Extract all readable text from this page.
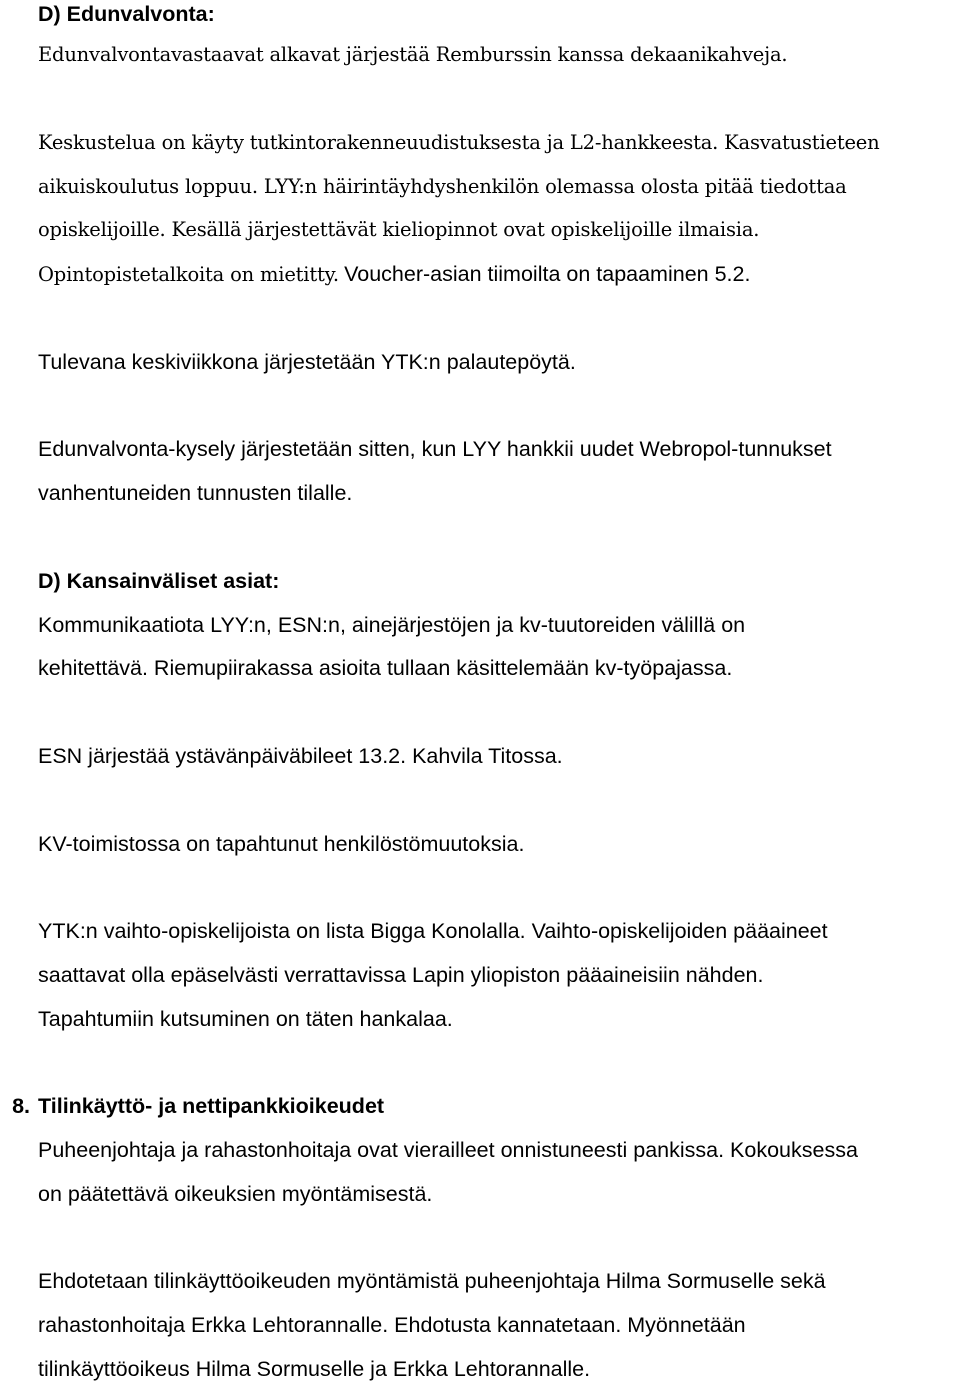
D) Edunvalvonta:
Edunvalvontavastaavat alkavat järjestää Remburssin kanssa dekaanikahveja.
Keskustelua on käyty tutkintorakenneuudistuksesta ja L2-hankkeesta. Kasvatustieteen
aikuiskoulutus loppuu. LYY:n häirintäyhdyshenkilön olemassa olosta pitää tiedottaa
opiskelijoille. Kesällä järjestettävät kieliopinnot ovat opiskelijoille ilmaisia.
Opintopistetalkoita on mietitty. Voucher-asian tiimoilta on tapaaminen 5.2.
Tulevana keskiviikkona järjestetään YTK:n palautepöytä.
Edunvalvonta-kysely järjestetään sitten, kun LYY hankkii uudet Webropol-tunnukset
vanhentuneiden tunnusten tilalle.
D) Kansainväliset asiat:
Kommunikaatiota LYY:n, ESN:n, ainejärjestöjen ja kv-tuutoreiden välillä on
kehitettävä. Riemupiirakassa asioita tullaan käsittelemään kv-työpajassa.
ESN järjestää ystävänpäiväbileet 13.2. Kahvila Titossa.
KV-toimistossa on tapahtunut henkilöstömuutoksia.
YTK:n vaihto-opiskelijoista on lista Bigga Konolalla. Vaihto-opiskelijoiden pääaineet
saattavat olla epäselvästi verrattavissa Lapin yliopiston pääaineisiin nähden.
Tapahtumiin kutsuminen on täten hankalaa.
8. Tilinkäyttö- ja nettipankkioikeudet
Puheenjohtaja ja rahastonhoitaja ovat vierailleet onnistuneesti pankissa. Kokouksessa
on päätettävä oikeuksien myöntämisestä.
Ehdotetaan tilinkäyttöoikeuden myöntämistä puheenjohtaja Hilma Sormuselle sekä
rahastonhoitaja Erkka Lehtorannalle. Ehdotusta kannatetaan. Myönnetään
tilinkäyttöoikeus Hilma Sormuselle ja Erkka Lehtorannalle.
